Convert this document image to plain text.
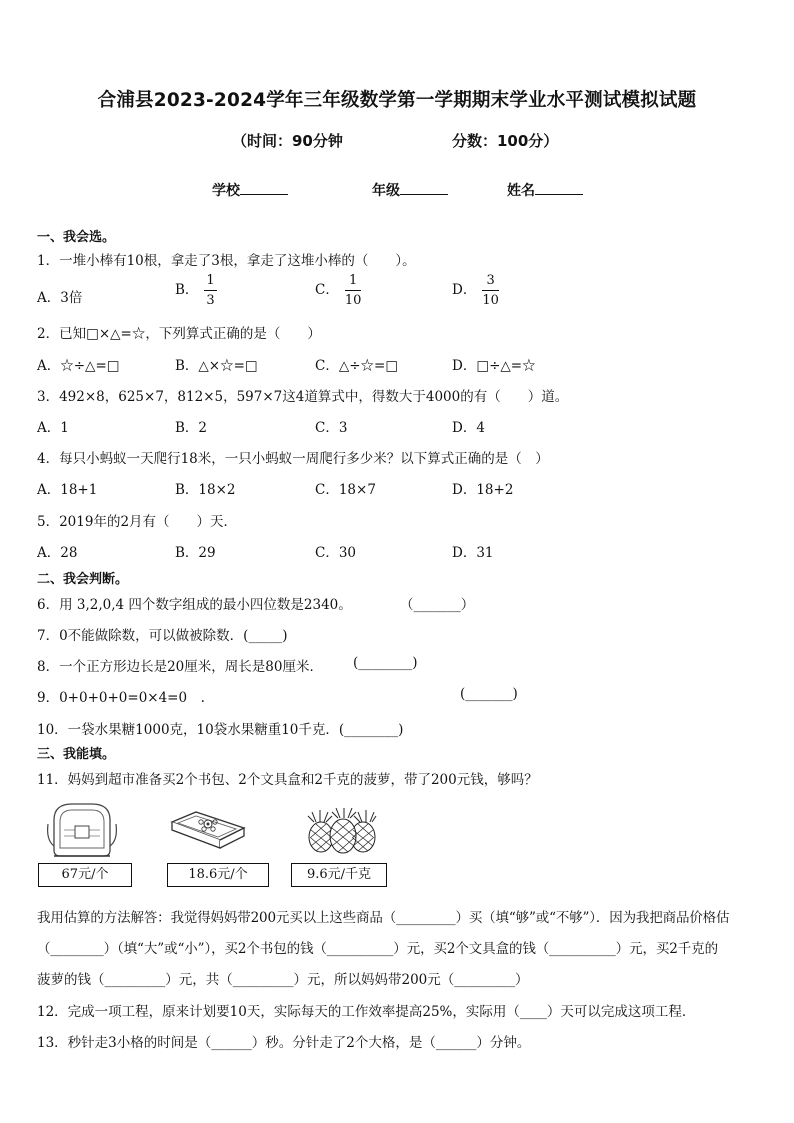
合浦县2023-2024学年三年级数学第一学期期末学业水平测试模拟试题
（时间：90分钟	分数：100分）
学校	年级	姓名
一、我会选。
1．一堆小棒有10根，拿走了3根，拿走了这堆小棒的（　　）。
A．3倍	B． $\frac{1}{3}$	C． $\frac{1}{10}$	D． $\frac{3}{10}$
2．已知□×△=☆，下列算式正确的是（　　）
A．☆÷△=□	B．△×☆=□	C．△÷☆=□	D．□÷△=☆
3．492×8，625×7，812×5，597×7这4道算式中，得数大于4000的有（　　）道。
A．1	B．2	C．3	D．4
4．每只小蚂蚁一天爬行18米，一只小蚂蚁一周爬行多少米？以下算式正确的是（　）
A．18+1	B．18×2	C．18×7	D．18+2
5．2019年的2月有（　　）天．
A．28	B．29	C．30	D．31
二、我会判断。
6．用 3,2,0,4 四个数字组成的最小四位数是2340。	（_______）
7．0不能做除数，可以做被除数．(_____)
8．一个正方形边长是20厘米，周长是80厘米． (________)
9．0+0+0+0=0×4=0　.	(_______)
10．一袋水果糖1000克，10袋水果糖重10千克．(________)
三、我能填。
11．妈妈到超市准备买2个书包、2个文具盒和2千克的菠萝，带了200元钱，够吗？
67元/个	18.6元/个	9.6元/千克
我用估算的方法解答：我觉得妈妈带200元买以上这些商品（_________）买（填“够”或“不够”）．因为我把商品价格估
（________）（填“大”或“小”），买2个书包的钱（__________）元，买2个文具盒的钱（__________）元，买2千克的
菠萝的钱（_________）元，共（_________）元，所以妈妈带200元（_________）
12．完成一项工程，原来计划要10天，实际每天的工作效率提高25%，实际用（____）天可以完成这项工程．
13．秒针走3小格的时间是（______）秒。分针走了2个大格，是（______）分钟。
